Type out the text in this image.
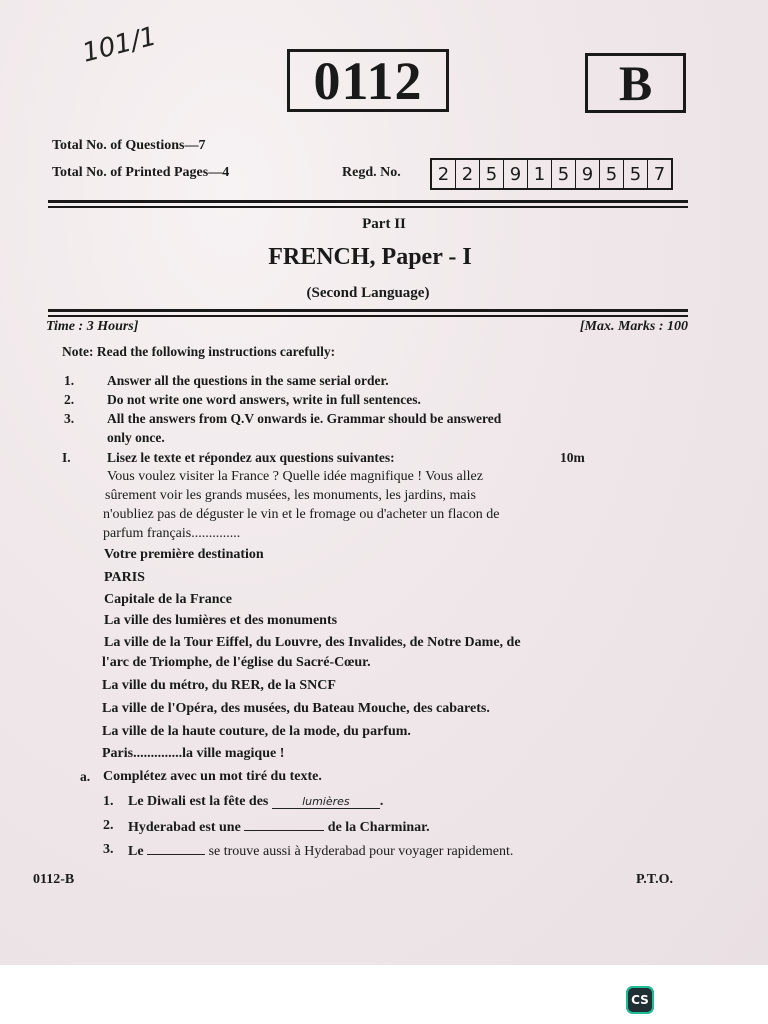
101/1
0112	B
Total No. of Questions—7
Total No. of Printed Pages—4	Regd. No.	2 2 5 9 1 5 9 5 5 7
Part II
FRENCH, Paper - I
(Second Language)
Time : 3 Hours]	[Max. Marks : 100
Note: Read the following instructions carefully:
1. Answer all the questions in the same serial order.
2. Do not write one word answers, write in full sentences.
3. All the answers from Q.V onwards ie. Grammar should be answered
only once.
I.	Lisez le texte et répondez aux questions suivantes:	10m
Vous voulez visiter la France ? Quelle idée magnifique ! Vous allez
sûrement voir les grands musées, les monuments, les jardins, mais
n'oubliez pas de déguster le vin et le fromage ou d'acheter un flacon de
parfum français..............
Votre première destination
PARIS
Capitale de la France
La ville des lumières et des monuments
La ville de la Tour Eiffel, du Louvre, des Invalides, de Notre Dame, de
l'arc de Triomphe, de l'église du Sacré-Cœur.
La ville du métro, du RER, de la SNCF
La ville de l'Opéra, des musées, du Bateau Mouche, des cabarets.
La ville de la haute couture, de la mode, du parfum.
Paris..............la ville magique !
a. Complétez avec un mot tiré du texte.
1. Le Diwali est la fête des	lumières .
2. Hyderabad est une	de la Charminar.
3. Le	se trouve aussi à Hyderabad pour voyager rapidement.
0112-B	P.T.O.
CS
